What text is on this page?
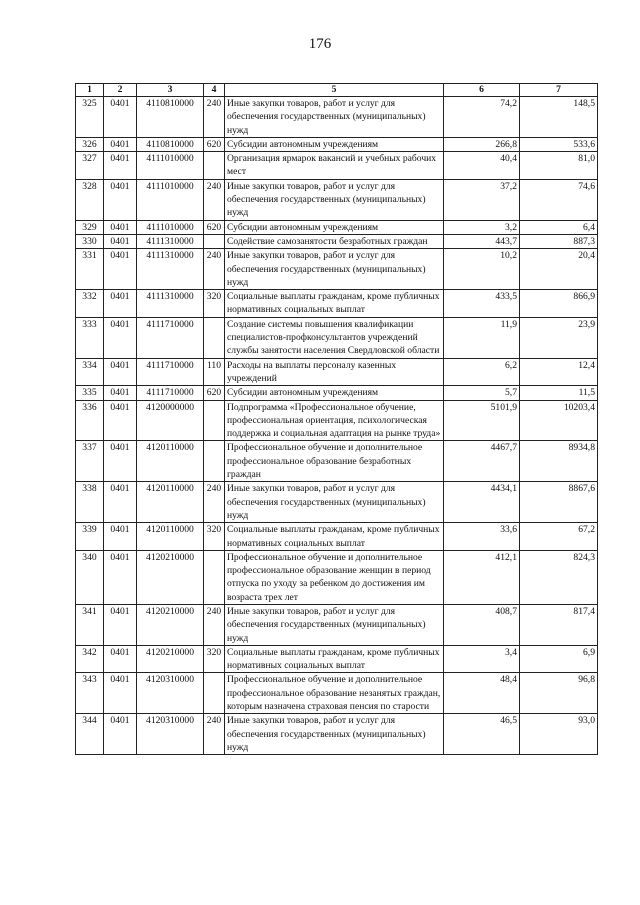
176
1	2	3	4	5	6	7
325	0401	4110810000	240	Иные закупки товаров, работ и услуг для обеспечения государственных (муниципальных) нужд	74,2	148,5
326	0401	4110810000	620	Субсидии автономным учреждениям	266,8	533,6
327	0401	4111010000		Организация ярмарок вакансий и учебных рабочих мест	40,4	81,0
328	0401	4111010000	240	Иные закупки товаров, работ и услуг для обеспечения государственных (муниципальных) нужд	37,2	74,6
329	0401	4111010000	620	Субсидии автономным учреждениям	3,2	6,4
330	0401	4111310000		Содействие самозанятости безработных граждан	443,7	887,3
331	0401	4111310000	240	Иные закупки товаров, работ и услуг для обеспечения государственных (муниципальных) нужд	10,2	20,4
332	0401	4111310000	320	Социальные выплаты гражданам, кроме публичных нормативных социальных выплат	433,5	866,9
333	0401	4111710000		Создание системы повышения квалификации специалистов-профконсультантов учреждений службы занятости населения Свердловской области	11,9	23,9
334	0401	4111710000	110	Расходы на выплаты персоналу казенных учреждений	6,2	12,4
335	0401	4111710000	620	Субсидии автономным учреждениям	5,7	11,5
336	0401	4120000000		Подпрограмма «Профессиональное обучение, профессиональная ориентация, психологическая поддержка и социальная адаптация на рынке труда»	5101,9	10203,4
337	0401	4120110000		Профессиональное обучение и дополнительное профессиональное образование безработных граждан	4467,7	8934,8
338	0401	4120110000	240	Иные закупки товаров, работ и услуг для обеспечения государственных (муниципальных) нужд	4434,1	8867,6
339	0401	4120110000	320	Социальные выплаты гражданам, кроме публичных нормативных социальных выплат	33,6	67,2
340	0401	4120210000		Профессиональное обучение и дополнительное профессиональное образование женщин в период отпуска по уходу за ребенком до достижения им возраста трех лет	412,1	824,3
341	0401	4120210000	240	Иные закупки товаров, работ и услуг для обеспечения государственных (муниципальных) нужд	408,7	817,4
342	0401	4120210000	320	Социальные выплаты гражданам, кроме публичных нормативных социальных выплат	3,4	6,9
343	0401	4120310000		Профессиональное обучение и дополнительное профессиональное образование незанятых граждан, которым назначена страховая пенсия по старости	48,4	96,8
344	0401	4120310000	240	Иные закупки товаров, работ и услуг для обеспечения государственных (муниципальных) нужд	46,5	93,0
